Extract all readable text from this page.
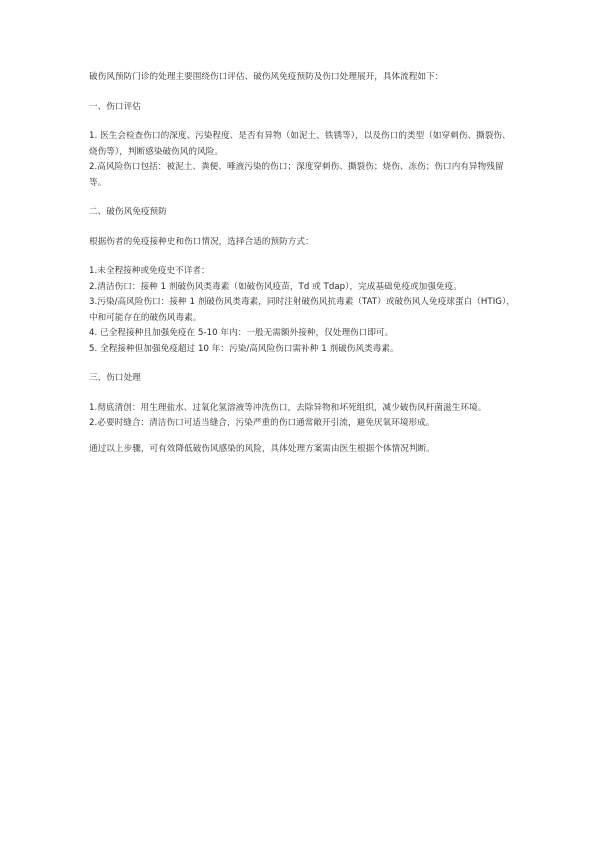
破伤风预防门诊的处理主要围绕伤口评估、破伤风免疫预防及伤口处理展开，具体流程如下：

一、伤口评估

1. 医生会检查伤口的深度、污染程度、是否有异物（如泥土、铁锈等），以及伤口的类型（如穿刺伤、撕裂伤、烧伤等），判断感染破伤风的风险。

2.高风险伤口包括：被泥土、粪便、唾液污染的伤口；深度穿刺伤、撕裂伤；烧伤、冻伤；伤口内有异物残留等。

二、破伤风免疫预防

根据伤者的免疫接种史和伤口情况，选择合适的预防方式：

1.未全程接种或免疫史不详者：

2.清洁伤口：接种 1 剂破伤风类毒素（如破伤风疫苗，Td 或 Tdap），完成基础免疫或加强免疫。

3.污染/高风险伤口：接种 1 剂破伤风类毒素，同时注射破伤风抗毒素（TAT）或破伤风人免疫球蛋白（HTIG），中和可能存在的破伤风毒素。

4. 已全程接种且加强免疫在 5-10 年内：一般无需额外接种，仅处理伤口即可。

5. 全程接种但加强免疫超过 10 年：污染/高风险伤口需补种 1 剂破伤风类毒素。

三、伤口处理

1.彻底清创：用生理盐水、过氧化氢溶液等冲洗伤口，去除异物和坏死组织，减少破伤风杆菌滋生环境。

2.必要时缝合：清洁伤口可适当缝合，污染严重的伤口通常敞开引流，避免厌氧环境形成。

通过以上步骤，可有效降低破伤风感染的风险，具体处理方案需由医生根据个体情况判断。
